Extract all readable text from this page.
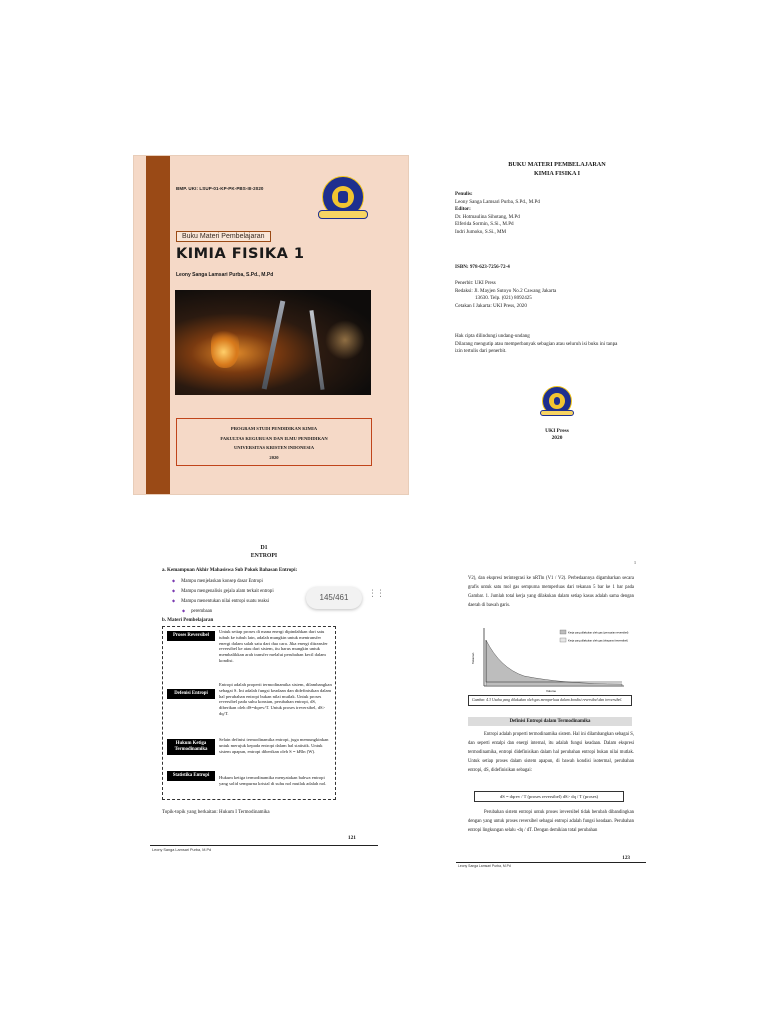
BMP. UKI: LSUP-01-KP-PK-PBS-III-2020
Buku Materi Pembelajaran
KIMIA FISIKA 1
Leony Sanga Lamsari Purba, S.Pd., M.Pd
PROGRAM STUDI PENDIDIKAN KIMIA
FAKULTAS KEGURUAN DAN ILMU PENDIDIKAN
UNIVERSITAS KRISTEN INDONESIA
2020
BUKU MATERI PEMBELAJARAN
KIMIA FISIKA I
Penulis:
Leony Sanga Lamsari Purba, S.Pd., M.Pd
Editor:
Dr. Hotmaulina Sihotang, M.Pd
Elferida Sormin, S.Si., M.Pd
Indri Jumoko, S.Si., MM
ISBN: 978-623-7256-72-4
Penerbit: UKI Press
Redaksi: Jl. Mayjen Sutoyo No.2 Cawang Jakarta
13630. Telp. (021) 8092425
Cetakan I Jakarta: UKI Press, 2020
Hak cipta dilindungi undang-undang
Dilarang mengutip atau memperbanyak sebagian atau seluruh isi buku ini tanpa
izin tertulis dari penerbit.
UKI Press
2020
D1
ENTROPI
a. Kemampuan Akhir Mahasiswa Sub Pokok Bahasan Entropi:
◆ Mampu menjelaskan konsep dasar Entropi
◆ Mampu mengenalisis gejala alam terkait entropi
◆ Mampu menentukan nilai entropi suatu reaksi
◆ perembaan
b. Materi Pembelajaran
Proses Reversibel
Untuk setiap proses di mana energi dipindahkan dari satu tubuh ke tubuh lain, adalah mungkin untuk mentransfer energi dalam salah satu dari dua cara. Jika energi ditransfer reversibel ke atau dari sistem, itu harus mungkin untuk membalikkan arah transfer melalui perubahan kecil dalam kondisi.
Defenisi Entropi
Entropi adalah properti termodinamika sistem, dilambangkan sebagai S. Ini adalah fungsi keadaan dan didefinisikan dalam hal perubahan entropi bukan nilai mutlak. Untuk proses reversibel pada suhu konstan, perubahan entropi, dS, diberikan oleh dS=dqrev/T. Untuk proses ireversibel, dS> dq/T.
Hukum Ketiga Termodinamika
Selain definisi termodinamika entropi, juga memungkinkan untuk merujuk kepada entropi dalam hal statistik. Untuk sistem apapun, entropi diberikan oleh S = kBln (W).
Statistika Entropi	Hukum ketiga termodinamika menyatakan bahwa entropi yang solid sempurna kristal di suhu nol mutlak adalah nol.
Topik-topik yang berkaitan: Hukum I Termodinamika
121
Leony Sanga Lamsari Purba, M.Pd
145/461	⋮⋮
1
V2), dan ekspresi terintegrasi ke nRTln (V1 / V2). Perbedaannya digambarkan secara grafis untuk satu mol gas sempurna memperluas dari tekanan 5 bar ke 1 bar pada Gambar. 1. Jumlah total kerja yang dilakukan dalam setiap kasus adalah sama dengan daerah di bawah garis.
Kerja yang dilakukan oleh gas (pemuaian reversibel)
Kerja yang dilakukan oleh gas (ekspansi ireversibel)
Volume
Tekanan
Gambar. 4.3 Usaha yang dilakukan oleh gas memperluas dalam kondisi reversibel dan ireversibel.
Definisi Entropi dalam Termodinamika
Entropi adalah properti termodinamika sistem. Hal ini dilambangkan sebagai S, dan seperti entalpi dan energi internal, itu adalah fungsi keadaan. Dalam ekspresi termodinamika, entropi didefinisikan dalam hal perubahan entropi bukan nilai mutlak. Untuk setiap proses dalam sistem apapun, di bawah kondisi isotermal, perubahan entropi, dS, didefinisikan sebagai:
dS = dqrev / T (proses reversibel) dS> dq / T (proses)
Perubahan sistem entropi untuk proses ireversibel tidak berubah dibandingkan dengan yang untuk proses reversibel sebagai entropi adalah fungsi keadaan. Perubahan entropi lingkungan selalu -dq / dT. Dengan demikian total perubahan
123
Leony Sanga Lamsari Purba, M.Pd
